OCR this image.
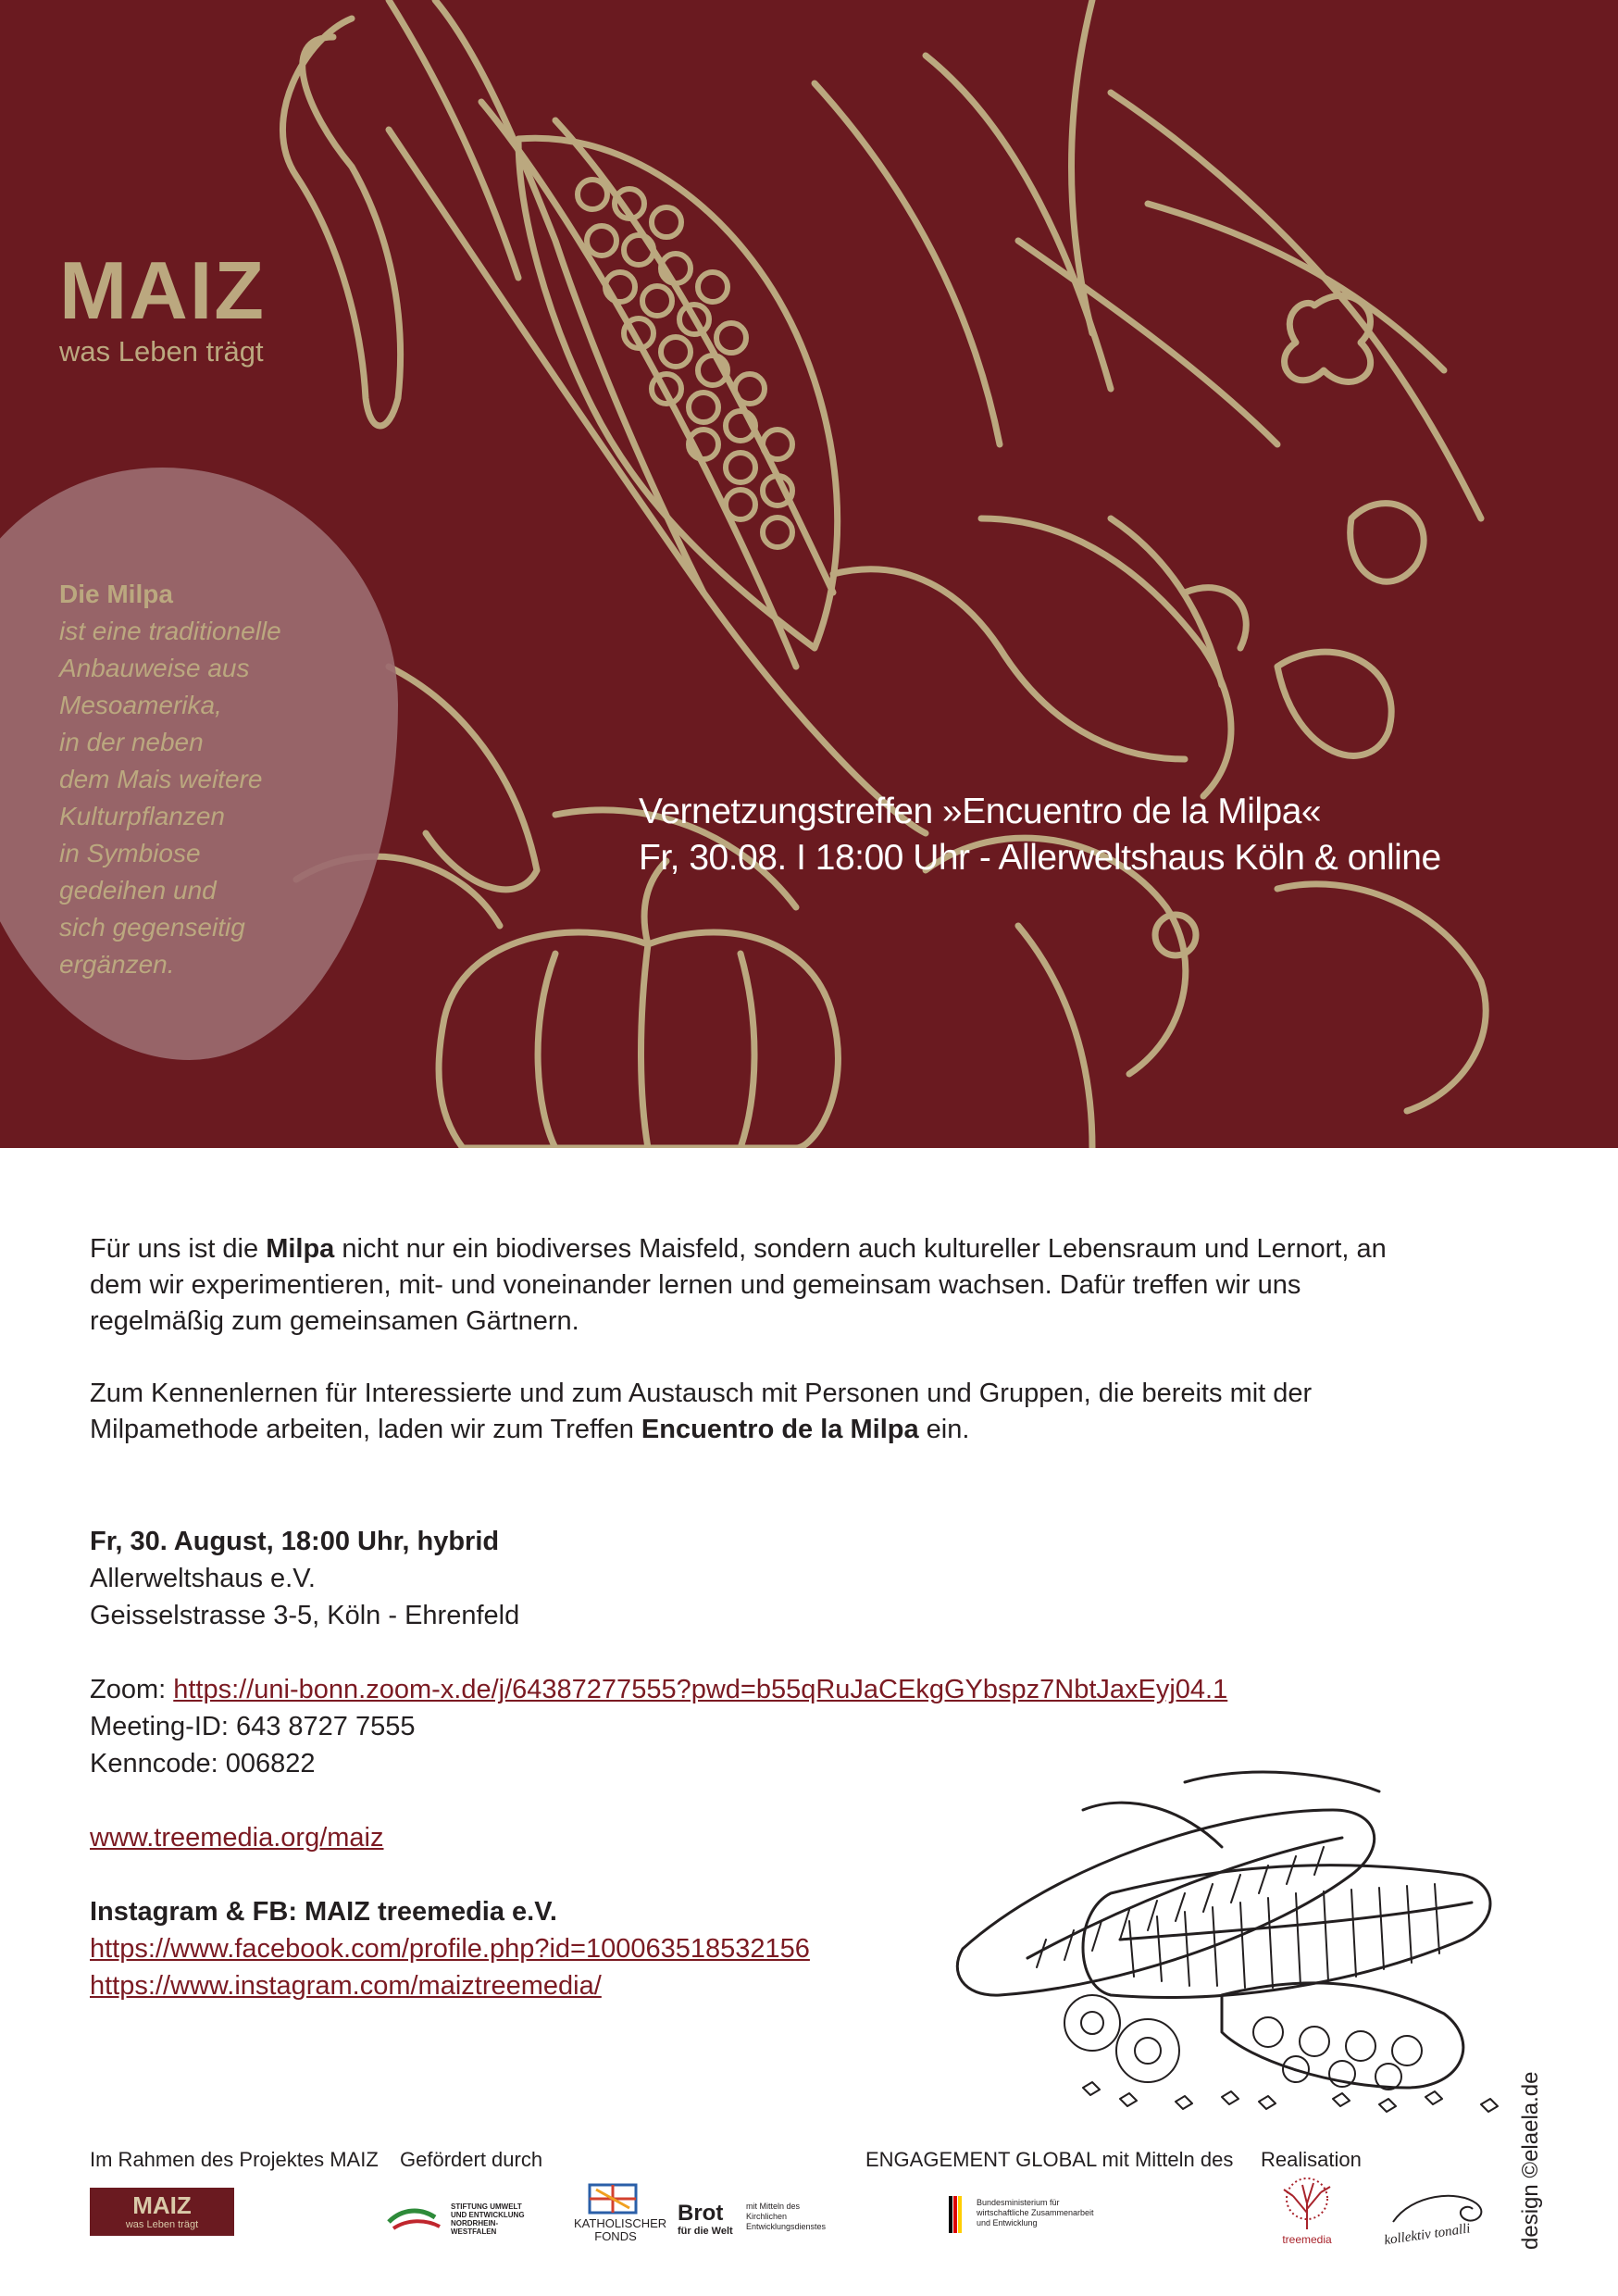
MAIZ
was Leben trägt
Die Milpa
ist eine traditionelle
Anbauweise aus
Mesoamerika,
in der neben
dem Mais weitere
Kulturpflanzen
in Symbiose
gedeihen und
sich gegenseitig
ergänzen.
Vernetzungstreffen »Encuentro de la Milpa«
Fr, 30.08. I 18:00 Uhr - Allerweltshaus Köln & online

Für uns ist die Milpa nicht nur ein biodiverses Maisfeld, sondern auch kultureller Lebensraum und Lernort, an dem wir experimentieren, mit- und voneinander lernen und gemeinsam wachsen. Dafür treffen wir uns regelmäßig zum gemeinsamen Gärtnern.

Zum Kennenlernen für Interessierte und zum Austausch mit Personen und Gruppen, die bereits mit der Milpamethode arbeiten, laden wir zum Treffen Encuentro de la Milpa ein.

Fr, 30. August, 18:00 Uhr, hybrid
Allerweltshaus e.V.
Geisselstrasse 3-5, Köln - Ehrenfeld
Zoom: https://uni-bonn.zoom-x.de/j/64387277555?pwd=b55qRuJaCEkgGYbspz7NbtJaxEyj04.1
Meeting-ID: 643 8727 7555
Kenncode: 006822
www.treemedia.org/maiz
Instagram & FB: MAIZ treemedia e.V.
https://www.facebook.com/profile.php?id=100063518532156
https://www.instagram.com/maiztreemedia/
design ©elaela.de
Im Rahmen des Projektes MAIZ Gefördert durch	ENGAGEMENT GLOBAL mit Mitteln des Realisation
MAIZ
was Leben trägt
STIFTUNG UMWELT
UND ENTWICKLUNG
NORDRHEIN-WESTFALEN
KATHOLISCHER
FONDS
Brot
für die Welt
mit Mitteln des
Kirchlichen
Entwicklungsdienstes
Bundesministerium für
wirtschaftliche Zusammenarbeit
und Entwicklung
treemedia	kollektiv tonalli
